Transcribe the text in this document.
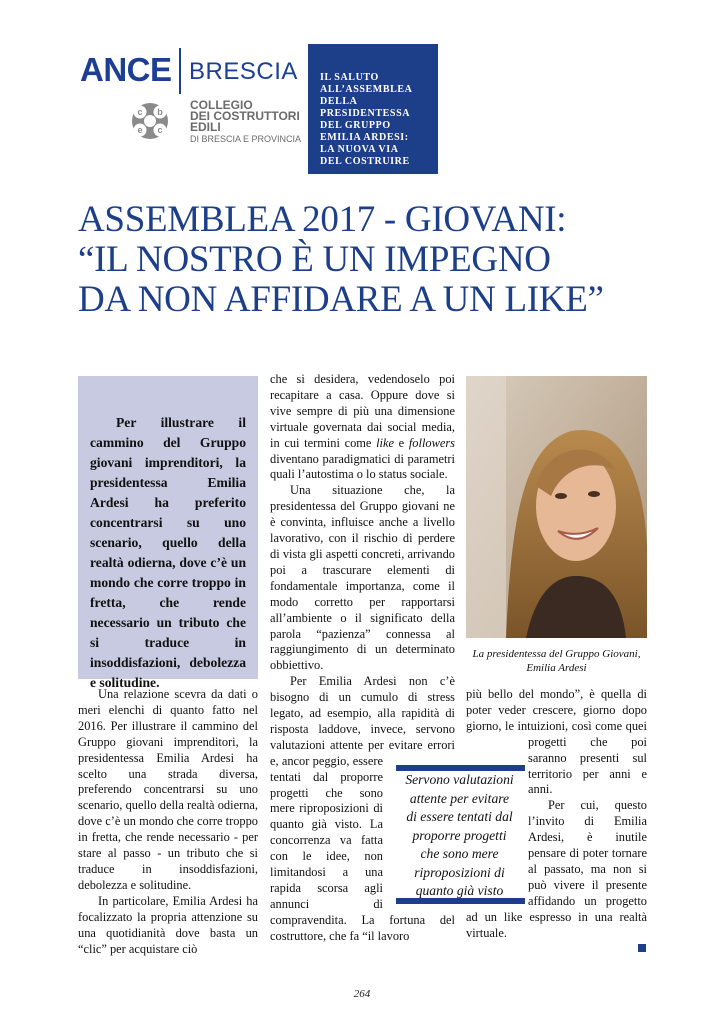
ANCE BRESCIA
c b
e c
COLLEGIO
DEI COSTRUTTORI
EDILI
DI BRESCIA E PROVINCIA

IL SALUTO
ALL’ASSEMBLEA
DELLA
PRESIDENTESSA
DEL GRUPPO
EMILIA ARDESI:
LA NUOVA VIA
DEL COSTRUIRE

ASSEMBLEA 2017 - GIOVANI:
“IL NOSTRO È UN IMPEGNO
DA NON AFFIDARE A UN LIKE”

Per illustrare il cammino del Gruppo giovani imprenditori, la presidentessa Emilia Ardesi ha preferito concentrarsi su uno scenario, quello della realtà odierna, dove c’è un mondo che corre troppo in fretta, che rende necessario un tributo che si traduce in insoddisfazioni, debolezza e solitudine.

Una relazione scevra da dati o meri elenchi di quanto fatto nel 2016. Per illustrare il cammino del Gruppo giovani imprenditori, la presidentessa Emilia Ardesi ha scelto una strada diversa, preferendo concentrarsi su uno scenario, quello della realtà odierna, dove c’è un mondo che corre troppo in fretta, che rende necessario - per stare al passo - un tributo che si traduce in insoddisfazioni, debolezza e solitudine.

In particolare, Emilia Ardesi ha focalizzato la propria attenzione su una quotidianità dove basta un “clic” per acquistare ciò

che si desidera, vedendoselo poi recapitare a casa. Oppure dove si vive sempre di più una dimensione virtuale governata dai social media, in cui termini come like e followers diventano paradigmatici di parametri quali l’autostima o lo status sociale.

Una situazione che, la presidentessa del Gruppo giovani ne è convinta, influisce anche a livello lavorativo, con il rischio di perdere di vista gli aspetti concreti, arrivando poi a trascurare elementi di fondamentale importanza, come il modo corretto per rapportarsi all’ambiente o il significato della parola “pazienza” connessa al raggiungimento di un determinato obbiettivo.

Per Emilia Ardesi non c’è bisogno di un cumulo di stress legato, ad esempio, alla rapidità di risposta laddove, invece, servono valutazioni attente per evitare errori e, ancor peggio, essere tentati dal proporre progetti che sono mere riproposizioni di quanto già visto. La concorrenza va fatta con le idee, non limitandosi a una rapida scorsa agli annunci di compravendita. La fortuna del costruttore, che fa “il lavoro

La presidentessa del Gruppo Giovani,
Emilia Ardesi

più bello del mondo”, è quella di poter veder crescere, giorno dopo giorno, le intuizioni, così come quei progetti che poi saranno presenti sul territorio per anni e anni.

Per cui, questo l’invito di Emilia Ardesi, è inutile pensare di poter tornare al passato, ma non si può vivere il presente affidando un progetto ad un like espresso in una realtà virtuale.

Servono valutazioni
attente per evitare
di essere tentati dal
proporre progetti
che sono mere
riproposizioni di
quanto già visto
264
